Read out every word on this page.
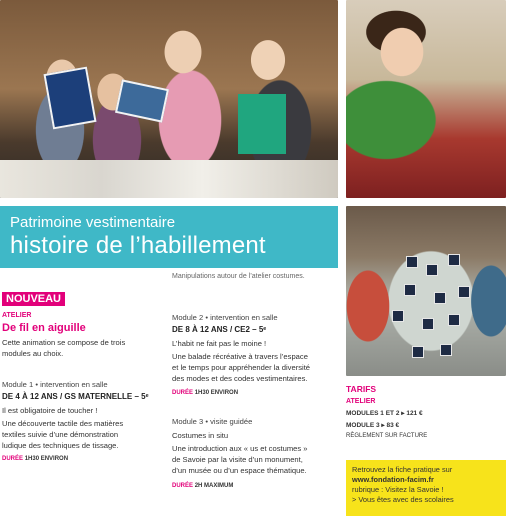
Patrimoine vestimentaire
histoire de l’habillement
Manipulations autour de l’atelier costumes.
NOUVEAU
ATELIER
De fil en aiguille
Cette animation se compose de trois
modules au choix.
Module 1 • intervention en salle
DE 4 À 12 ANS / GS MATERNELLE – 5ᵉ
Il est obligatoire de toucher !
Une découverte tactile des matières
textiles suivie d’une démonstration
ludique des techniques de tissage.
DURÉE 1H30 ENVIRON
Module 2 • intervention en salle
DE 8 À 12 ANS / CE2 – 5ᵉ
L’habit ne fait pas le moine !
Une balade récréative à travers l’espace
et le temps pour appréhender la diversité
des modes et des codes vestimentaires.
DURÉE 1H30 ENVIRON
Module 3 • visite guidée
Costumes in situ
Une introduction aux « us et costumes »
de Savoie par la visite d’un monument,
d’un musée ou d’un espace thématique.
DURÉE 2H MAXIMUM
TARIFS
ATELIER
MODULES 1 ET 2 ▸ 121 €
MODULE 3 ▸ 83 €
RÈGLEMENT SUR FACTURE
Retrouvez la fiche pratique sur
www.fondation-facim.fr
rubrique : Visitez la Savoie !
> Vous êtes avec des scolaires
